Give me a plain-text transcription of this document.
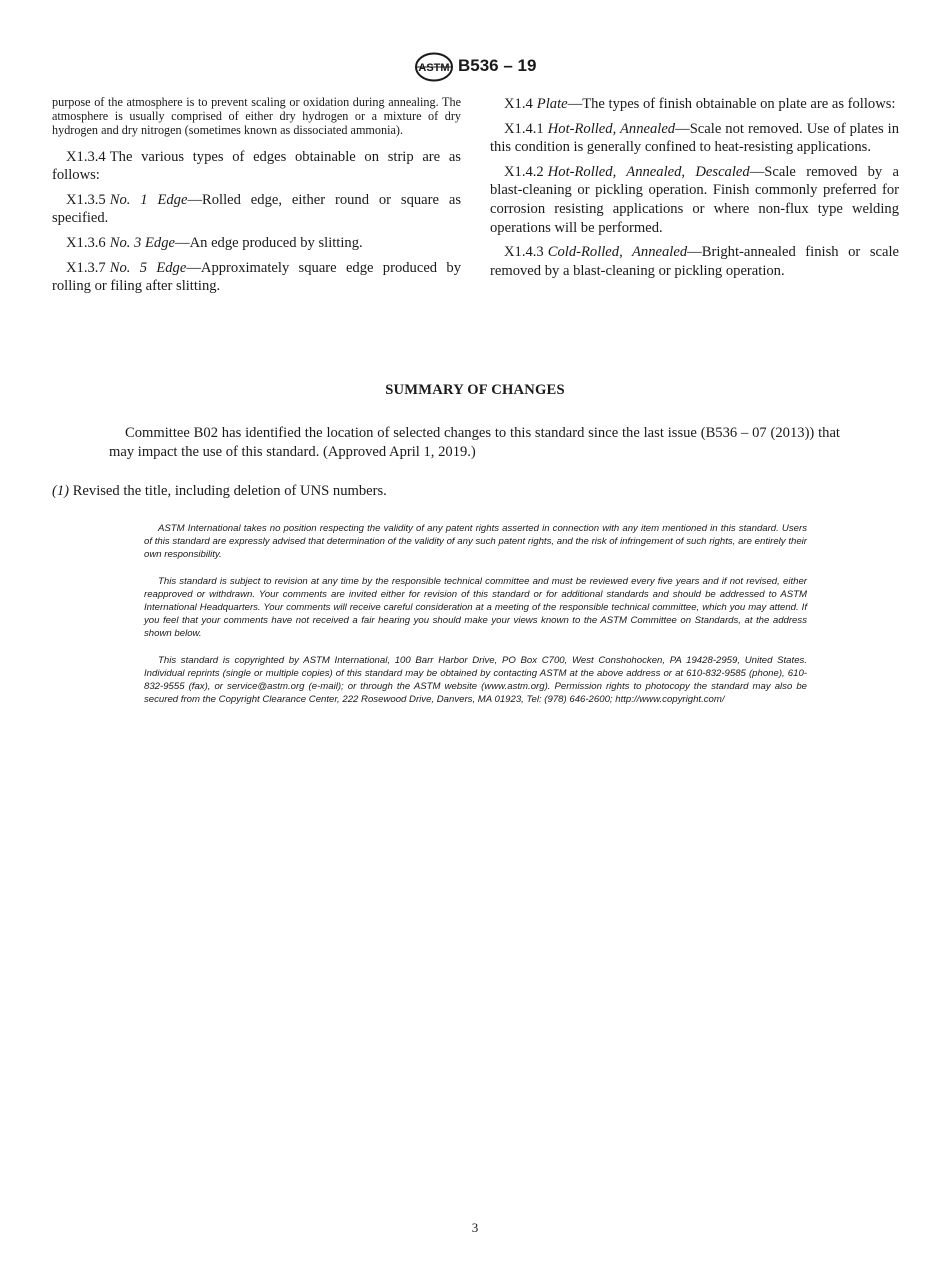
ASTM B536 – 19

purpose of the atmosphere is to prevent scaling or oxidation during annealing. The atmosphere is usually comprised of either dry hydrogen or a mixture of dry hydrogen and dry nitrogen (sometimes known as dissociated ammonia).

X1.3.4 The various types of edges obtainable on strip are as follows:

X1.3.5 No. 1 Edge—Rolled edge, either round or square as specified.

X1.3.6 No. 3 Edge—An edge produced by slitting.

X1.3.7 No. 5 Edge—Approximately square edge produced by rolling or filing after slitting.

X1.4 Plate—The types of finish obtainable on plate are as follows:

X1.4.1 Hot-Rolled, Annealed—Scale not removed. Use of plates in this condition is generally confined to heat-resisting applications.

X1.4.2 Hot-Rolled, Annealed, Descaled—Scale removed by a blast-cleaning or pickling operation. Finish commonly preferred for corrosion resisting applications or where non-flux type welding operations will be performed.

X1.4.3 Cold-Rolled, Annealed—Bright-annealed finish or scale removed by a blast-cleaning or pickling operation.

SUMMARY OF CHANGES
Committee B02 has identified the location of selected changes to this standard since the last issue (B536 – 07 (2013)) that may impact the use of this standard. (Approved April 1, 2019.)
(1) Revised the title, including deletion of UNS numbers.

ASTM International takes no position respecting the validity of any patent rights asserted in connection with any item mentioned in this standard. Users of this standard are expressly advised that determination of the validity of any such patent rights, and the risk of infringement of such rights, are entirely their own responsibility.

This standard is subject to revision at any time by the responsible technical committee and must be reviewed every five years and if not revised, either reapproved or withdrawn. Your comments are invited either for revision of this standard or for additional standards and should be addressed to ASTM International Headquarters. Your comments will receive careful consideration at a meeting of the responsible technical committee, which you may attend. If you feel that your comments have not received a fair hearing you should make your views known to the ASTM Committee on Standards, at the address shown below.

This standard is copyrighted by ASTM International, 100 Barr Harbor Drive, PO Box C700, West Conshohocken, PA 19428-2959, United States. Individual reprints (single or multiple copies) of this standard may be obtained by contacting ASTM at the above address or at 610-832-9585 (phone), 610-832-9555 (fax), or service@astm.org (e-mail); or through the ASTM website (www.astm.org). Permission rights to photocopy the standard may also be secured from the Copyright Clearance Center, 222 Rosewood Drive, Danvers, MA 01923, Tel: (978) 646-2600; http://www.copyright.com/

3
